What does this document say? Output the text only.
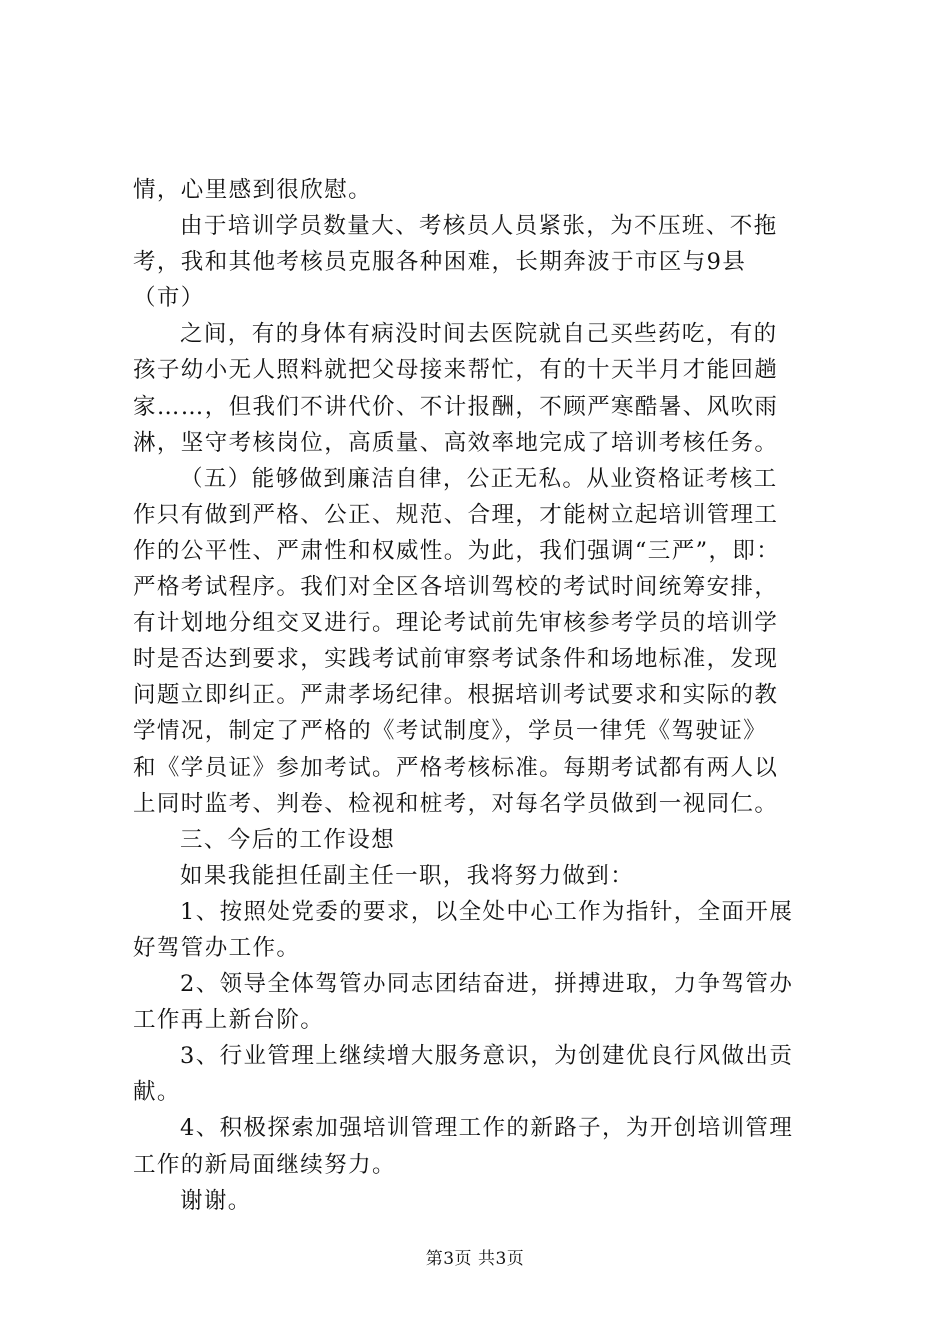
情，心里感到很欣慰。
由于培训学员数量大、考核员人员紧张，为不压班、不拖
考，我和其他考核员克服各种困难，长期奔波于市区与9县
（市）
之间，有的身体有病没时间去医院就自己买些药吃，有的
孩子幼小无人照料就把父母接来帮忙，有的十天半月才能回趟
家……，但我们不讲代价、不计报酬，不顾严寒酷暑、风吹雨
淋，坚守考核岗位，高质量、高效率地完成了培训考核任务。
（五）能够做到廉洁自律，公正无私。从业资格证考核工
作只有做到严格、公正、规范、合理，才能树立起培训管理工
作的公平性、严肃性和权威性。为此，我们强调“三严”，即：
严格考试程序。我们对全区各培训驾校的考试时间统筹安排，
有计划地分组交叉进行。理论考试前先审核参考学员的培训学
时是否达到要求，实践考试前审察考试条件和场地标准，发现
问题立即纠正。严肃孝场纪律。根据培训考试要求和实际的教
学情况，制定了严格的《考试制度》，学员一律凭《驾驶证》
和《学员证》参加考试。严格考核标准。每期考试都有两人以
上同时监考、判卷、检视和桩考，对每名学员做到一视同仁。
三、今后的工作设想
如果我能担任副主任一职，我将努力做到：
1、按照处党委的要求，以全处中心工作为指针，全面开展
好驾管办工作。
2、领导全体驾管办同志团结奋进，拼搏进取，力争驾管办
工作再上新台阶。
3、行业管理上继续增大服务意识，为创建优良行风做出贡
献。
4、积极探索加强培训管理工作的新路子，为开创培训管理
工作的新局面继续努力。
谢谢。
第3页 共3页
